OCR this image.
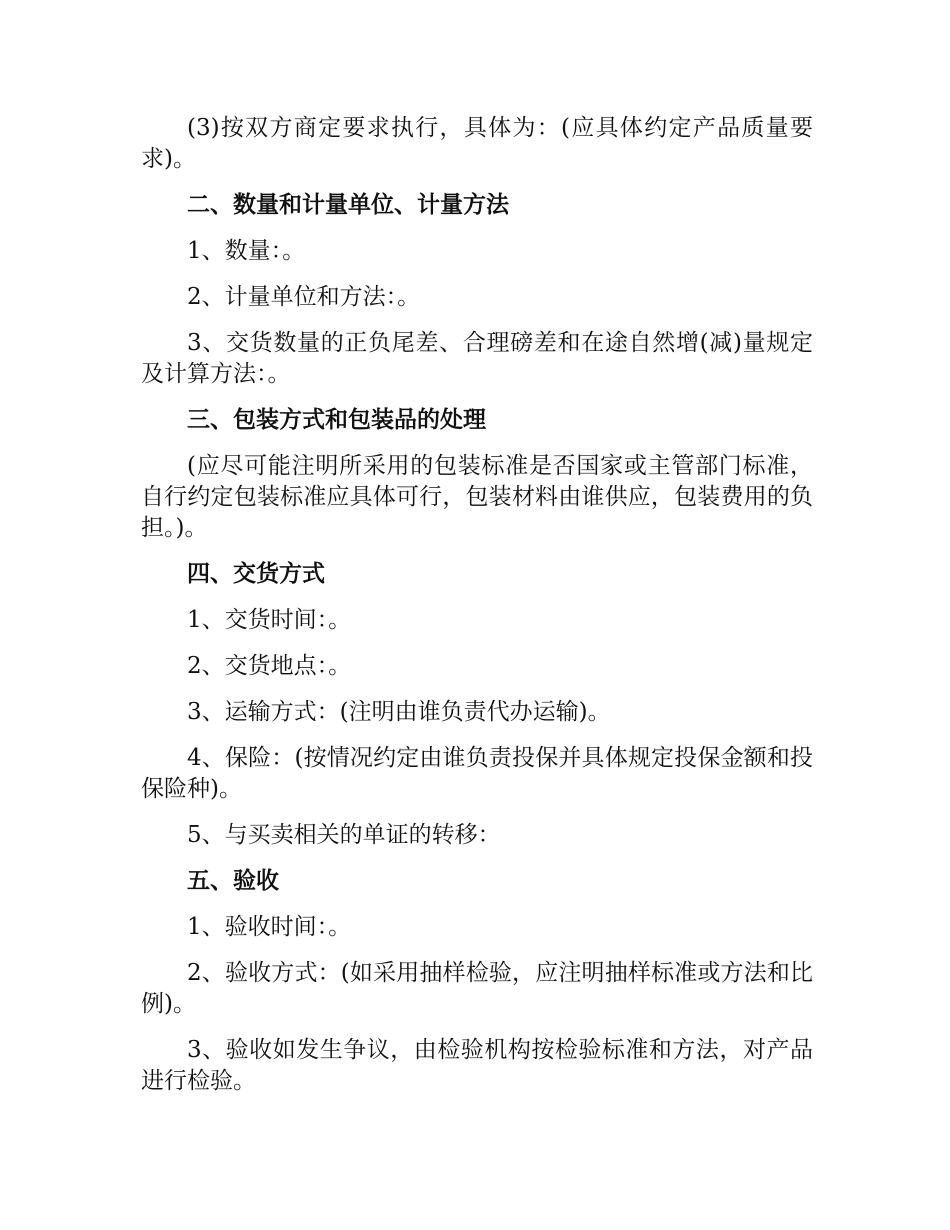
(3)按双方商定要求执行，具体为：(应具体约定产品质量要求)。

二、数量和计量单位、计量方法

1、数量：。

2、计量单位和方法：。

3、交货数量的正负尾差、合理磅差和在途自然增(减)量规定及计算方法：。

三、包装方式和包装品的处理

(应尽可能注明所采用的包装标准是否国家或主管部门标准，自行约定包装标准应具体可行，包装材料由谁供应，包装费用的负担。)。

四、交货方式

1、交货时间：。

2、交货地点：。

3、运输方式：(注明由谁负责代办运输)。

4、保险：(按情况约定由谁负责投保并具体规定投保金额和投保险种)。

5、与买卖相关的单证的转移：

五、验收

1、验收时间：。

2、验收方式：(如采用抽样检验，应注明抽样标准或方法和比例)。

3、验收如发生争议，由检验机构按检验标准和方法，对产品进行检验。
